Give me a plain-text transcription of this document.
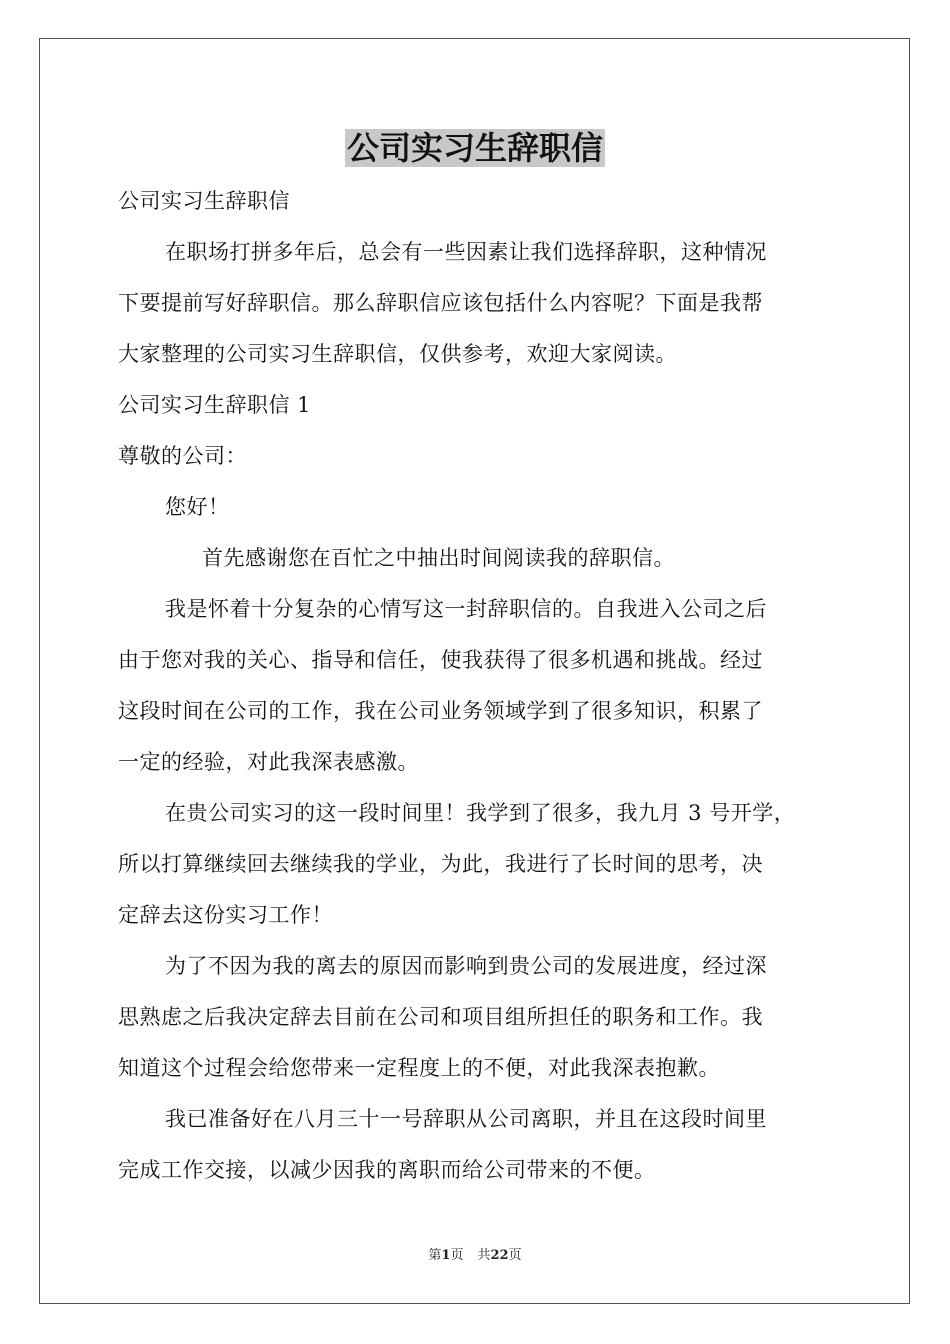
公司实习生辞职信

公司实习生辞职信

在职场打拼多年后，总会有一些因素让我们选择辞职，这种情况

下要提前写好辞职信。那么辞职信应该包括什么内容呢？下面是我帮

大家整理的公司实习生辞职信，仅供参考，欢迎大家阅读。

公司实习生辞职信 1

尊敬的公司：

您好！

首先感谢您在百忙之中抽出时间阅读我的辞职信。

我是怀着十分复杂的心情写这一封辞职信的。自我进入公司之后

由于您对我的关心、指导和信任，使我获得了很多机遇和挑战。经过

这段时间在公司的工作，我在公司业务领域学到了很多知识，积累了

一定的经验，对此我深表感激。

在贵公司实习的这一段时间里！我学到了很多，我九月 3 号开学，

所以打算继续回去继续我的学业，为此，我进行了长时间的思考，决

定辞去这份实习工作！

为了不因为我的离去的原因而影响到贵公司的发展进度，经过深

思熟虑之后我决定辞去目前在公司和项目组所担任的职务和工作。我

知道这个过程会给您带来一定程度上的不便，对此我深表抱歉。

我已准备好在八月三十一号辞职从公司离职，并且在这段时间里

完成工作交接，以减少因我的离职而给公司带来的不便。

第1页 共22页
